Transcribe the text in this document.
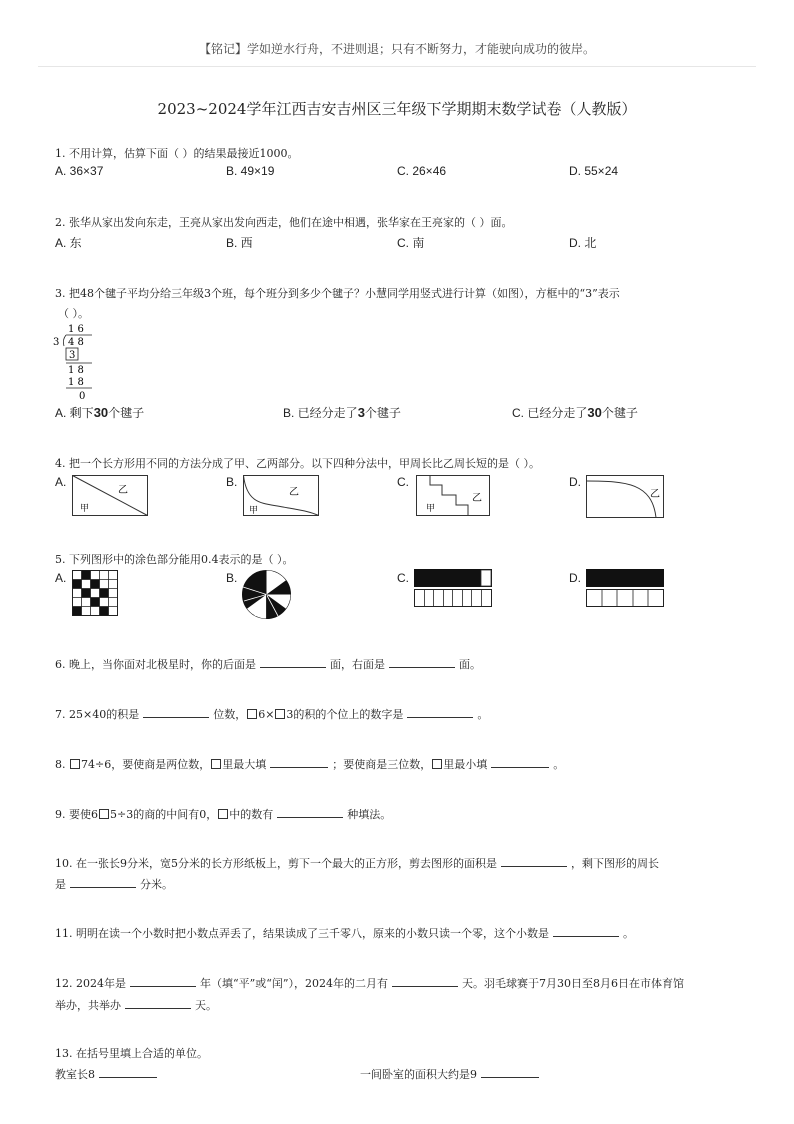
【铭记】学如逆水行舟，不进则退；只有不断努力，才能驶向成功的彼岸。
2023~2024学年江西吉安吉州区三年级下学期期末数学试卷（人教版）
1. 不用计算，估算下面（ ）的结果最接近1000。
A. 36×37	B. 49×19	C. 26×46	D. 55×24
2. 张华从家出发向东走，王亮从家出发向西走，他们在途中相遇，张华家在王亮家的（ ）面。
A. 东	B. 西	C. 南	D. 北
3. 把48个毽子平均分给三年级3个班，每个班分到多少个毽子？小慧同学用竖式进行计算（如图），方框中的“3”表示
（ ）。
1 6
3 4 8
3
1 8
1 8
0
A. 剩下30个毽子	B. 已经分走了3个毽子	C. 已经分走了30个毽子
4. 把一个长方形用不同的方法分成了甲、乙两部分。以下四种分法中，甲周长比乙周长短的是（ ）。
A.
甲
乙
B.
甲
乙
C.
甲
乙
D.
乙
5. 下列图形中的涂色部分能用0.4表示的是（ ）。
A.	B.	C.	D.
6. 晚上，当你面对北极星时，你的后面是	面，右面是	面。
7. 25×40的积是	位数， 6× 3的积的个位上的数字是	。
8. 74÷6，要使商是两位数， 里最大填	；要使商是三位数， 里最小填	。
9. 要使6 5÷3的商的中间有0， 中的数有	种填法。
10. 在一张长9分米，宽5分米的长方形纸板上，剪下一个最大的正方形，剪去图形的面积是	，剩下图形的周长
是	分米。
11. 明明在读一个小数时把小数点弄丢了，结果读成了三千零八，原来的小数只读一个零，这个小数是	。
12. 2024年是	年（填“平”或“闰”），2024年的二月有	天。羽毛球赛于7月30日至8月6日在市体育馆
举办，共举办	天。
13. 在括号里填上合适的单位。
教室长8	一间卧室的面积大约是9
